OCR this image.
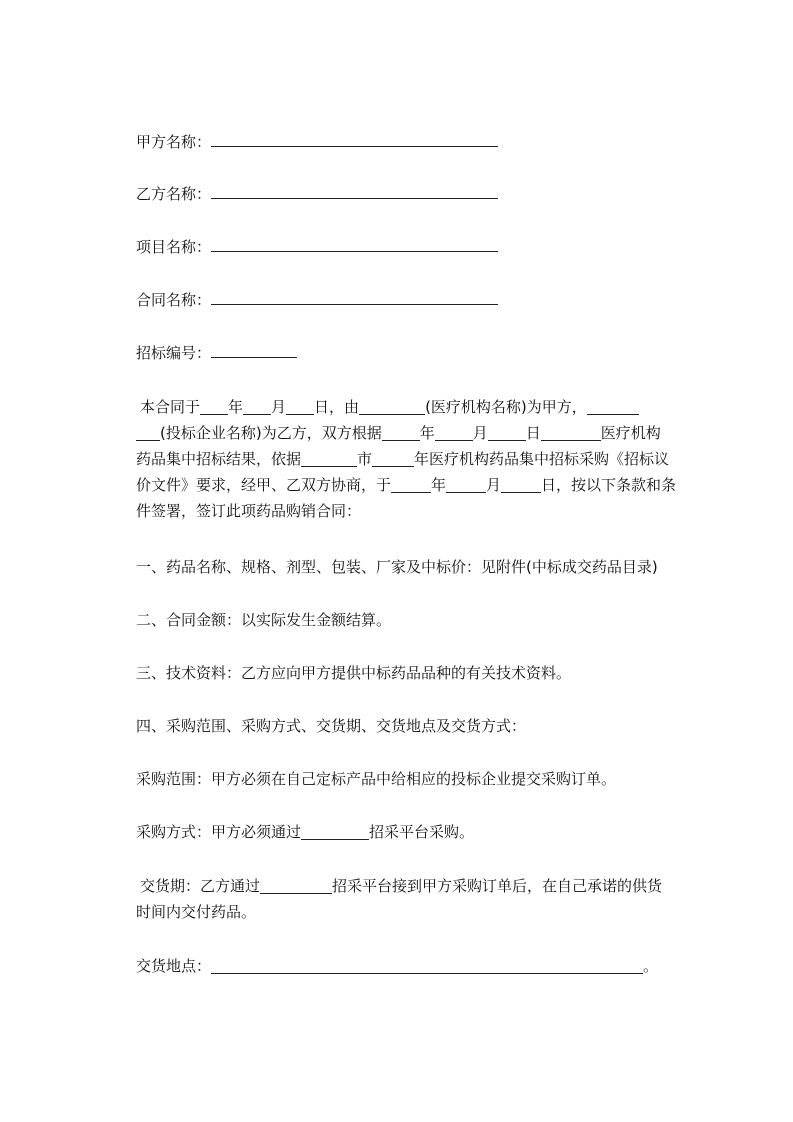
甲方名称：
乙方名称：
项目名称：
合同名称：
招标编号：
本合同于 年 月 日，由	(医疗机构名称)为甲方，
(投标企业名称)为乙方，双方根据	年	月	日	医疗机构
药品集中招标结果，依据	市	年医疗机构药品集中招标采购《招标议
价文件》要求，经甲、乙双方协商，于	年	月	日，按以下条款和条
件签署，签订此项药品购销合同：
一、药品名称、规格、剂型、包装、厂家及中标价：见附件(中标成交药品目录)
二、合同金额：以实际发生金额结算。
三、技术资料：乙方应向甲方提供中标药品品种的有关技术资料。
四、采购范围、采购方式、交货期、交货地点及交货方式：
采购范围：甲方必须在自己定标产品中给相应的投标企业提交采购订单。
采购方式：甲方必须通过	招采平台采购。
交货期：乙方通过	招采平台接到甲方采购订单后，在自己承诺的供货
时间内交付药品。
交货地点：	。
